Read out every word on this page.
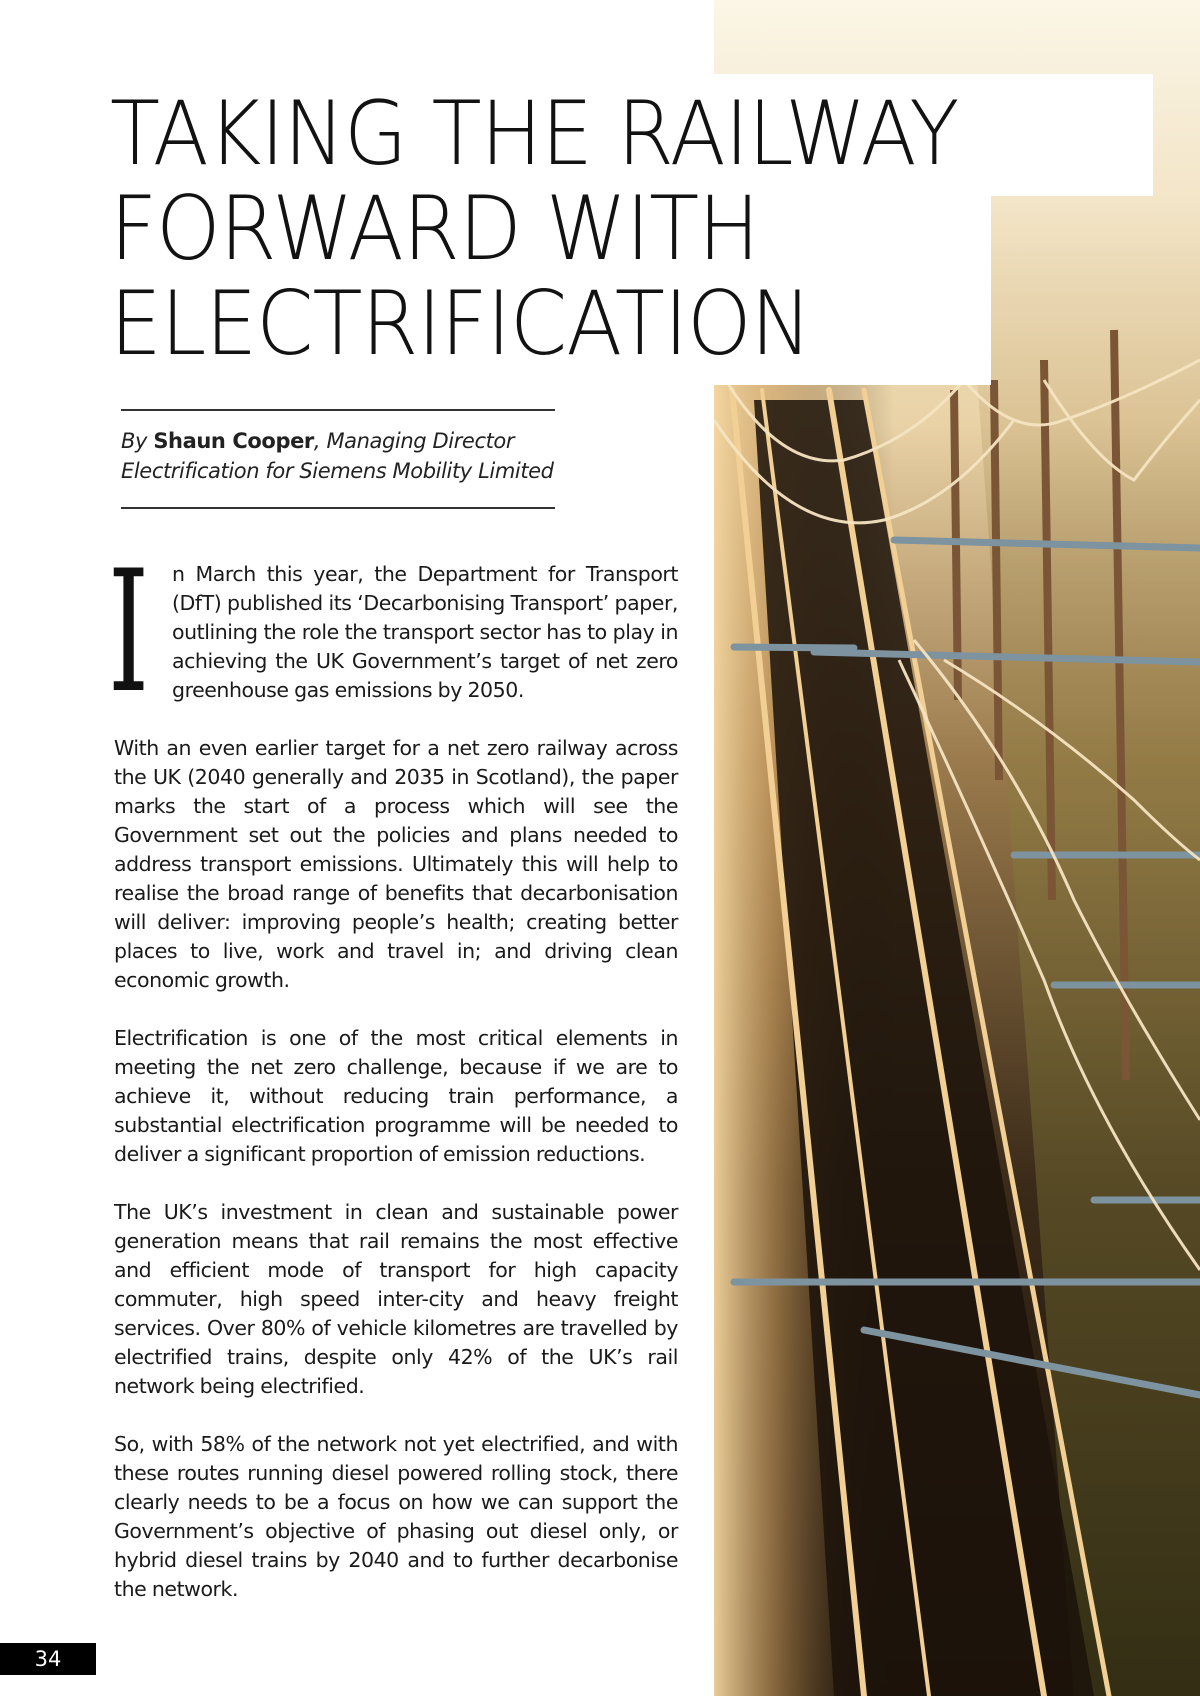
TAKING THE RAILWAY
FORWARD WITH
ELECTRIFICATION
By Shaun Cooper, Managing Director
Electrification for Siemens Mobility Limited
I n March this year, the Department for Transport (DfT) published its ‘Decarbonising Transport’ paper, outlining the role the transport sector has to play in achieving the UK Government’s target of net zero greenhouse gas emissions by 2050.

With an even earlier target for a net zero railway across the UK (2040 generally and 2035 in Scotland), the paper marks the start of a process which will see the Government set out the policies and plans needed to address transport emissions. Ultimately this will help to realise the broad range of benefits that decarbonisation will deliver: improving people’s health; creating better places to live, work and travel in; and driving clean economic growth.

Electrification is one of the most critical elements in meeting the net zero challenge, because if we are to achieve it, without reducing train performance, a substantial electrification programme will be needed to deliver a significant proportion of emission reductions.

The UK’s investment in clean and sustainable power generation means that rail remains the most effective and efficient mode of transport for high capacity commuter, high speed inter-city and heavy freight services. Over 80% of vehicle kilometres are travelled by electrified trains, despite only 42% of the UK’s rail network being electrified.

So, with 58% of the network not yet electrified, and with these routes running diesel powered rolling stock, there clearly needs to be a focus on how we can support the Government’s objective of phasing out diesel only, or hybrid diesel trains by 2040 and to further decarbonise the network.

34
